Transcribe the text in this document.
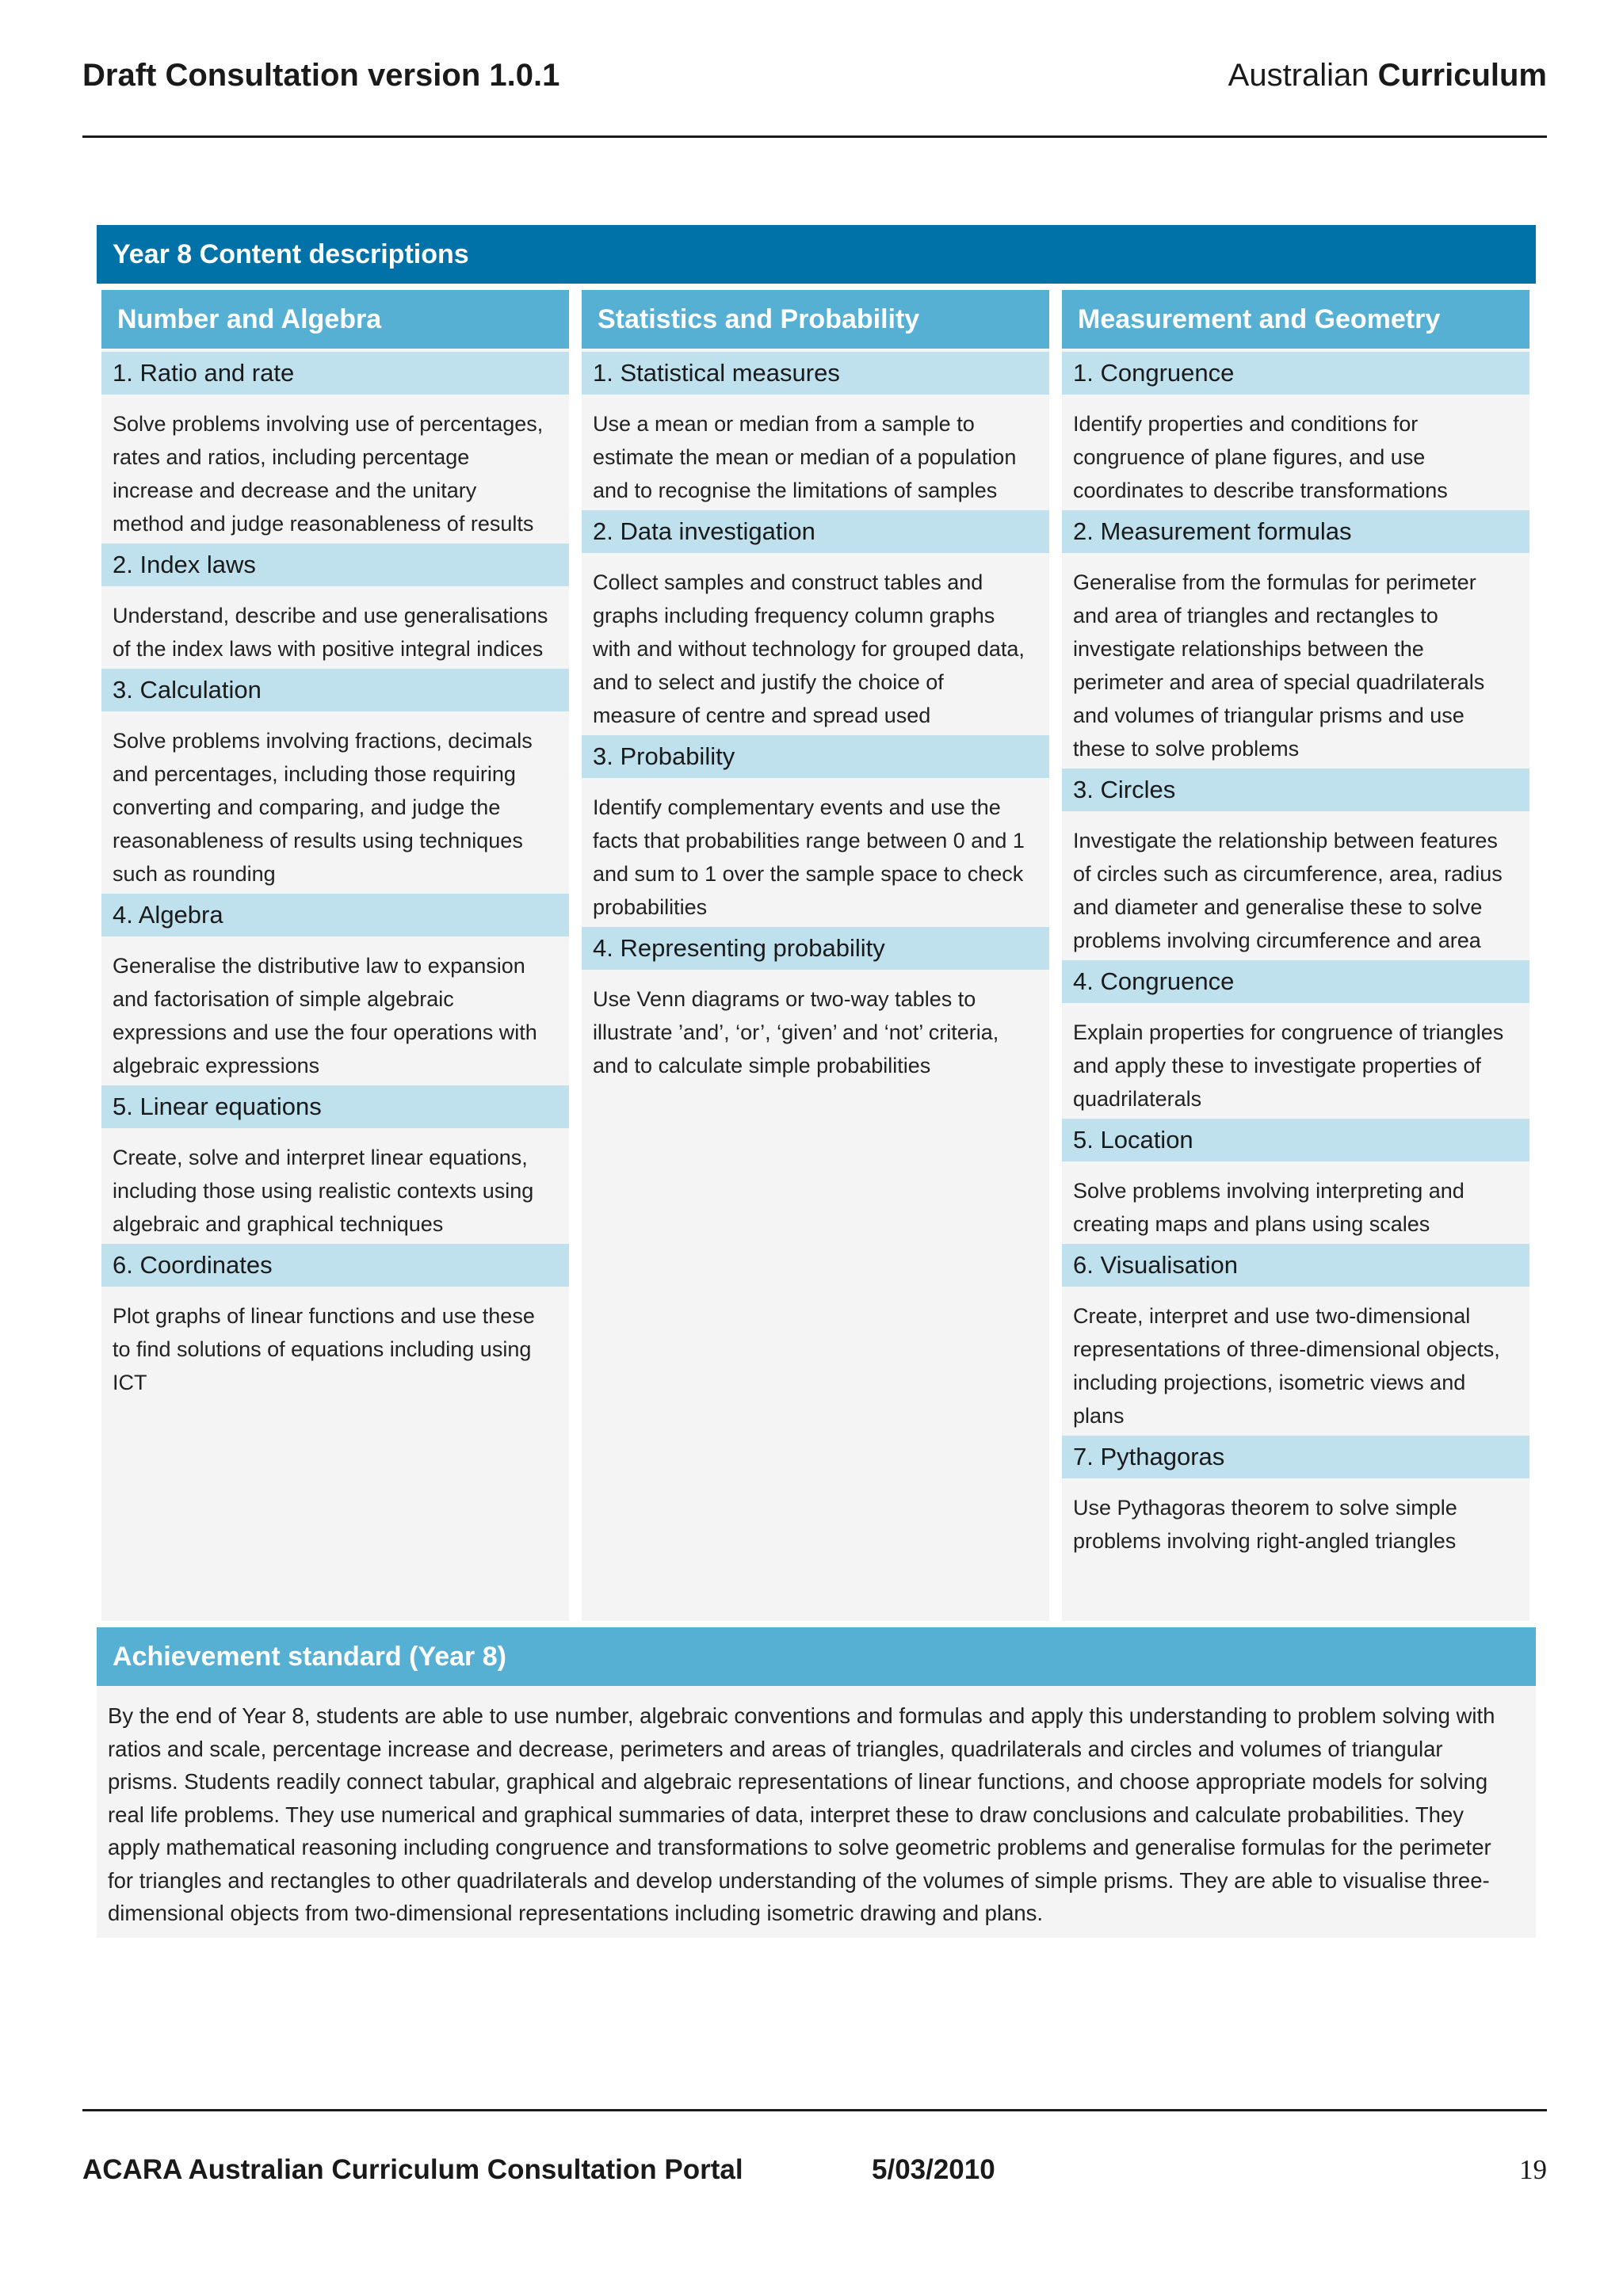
Draft Consultation version 1.0.1	Australian Curriculum
Year 8 Content descriptions
Number and Algebra
1. Ratio and rate
Solve problems involving use of percentages,
rates and ratios, including percentage
increase and decrease and the unitary
method and judge reasonableness of results
2. Index laws
Understand, describe and use generalisations
of the index laws with positive integral indices
3. Calculation
Solve problems involving fractions, decimals
and percentages, including those requiring
converting and comparing, and judge the
reasonableness of results using techniques
such as rounding
4. Algebra
Generalise the distributive law to expansion
and factorisation of simple algebraic
expressions and use the four operations with
algebraic expressions
5. Linear equations
Create, solve and interpret linear equations,
including those using realistic contexts using
algebraic and graphical techniques
6. Coordinates
Plot graphs of linear functions and use these
to find solutions of equations including using
ICT
Statistics and Probability
1. Statistical measures
Use a mean or median from a sample to
estimate the mean or median of a population
and to recognise the limitations of samples
2. Data investigation
Collect samples and construct tables and
graphs including frequency column graphs
with and without technology for grouped data,
and to select and justify the choice of
measure of centre and spread used
3. Probability
Identify complementary events and use the
facts that probabilities range between 0 and 1
and sum to 1 over the sample space to check
probabilities
4. Representing probability
Use Venn diagrams or two-way tables to
illustrate ’and’, ‘or’, ‘given’ and ‘not’ criteria,
and to calculate simple probabilities
Measurement and Geometry
1. Congruence
Identify properties and conditions for
congruence of plane figures, and use
coordinates to describe transformations
2. Measurement formulas
Generalise from the formulas for perimeter
and area of triangles and rectangles to
investigate relationships between the
perimeter and area of special quadrilaterals
and volumes of triangular prisms and use
these to solve problems
3. Circles
Investigate the relationship between features
of circles such as circumference, area, radius
and diameter and generalise these to solve
problems involving circumference and area
4. Congruence
Explain properties for congruence of triangles
and apply these to investigate properties of
quadrilaterals
5. Location
Solve problems involving interpreting and
creating maps and plans using scales
6. Visualisation
Create, interpret and use two-dimensional
representations of three-dimensional objects,
including projections, isometric views and
plans
7. Pythagoras
Use Pythagoras theorem to solve simple
problems involving right-angled triangles
Achievement standard (Year 8)
By the end of Year 8, students are able to use number, algebraic conventions and formulas and apply this understanding to problem solving with
ratios and scale, percentage increase and decrease, perimeters and areas of triangles, quadrilaterals and circles and volumes of triangular
prisms. Students readily connect tabular, graphical and algebraic representations of linear functions, and choose appropriate models for solving
real life problems. They use numerical and graphical summaries of data, interpret these to draw conclusions and calculate probabilities. They
apply mathematical reasoning including congruence and transformations to solve geometric problems and generalise formulas for the perimeter
for triangles and rectangles to other quadrilaterals and develop understanding of the volumes of simple prisms. They are able to visualise three-
dimensional objects from two-dimensional representations including isometric drawing and plans.
ACARA Australian Curriculum Consultation Portal	5/03/2010	19
